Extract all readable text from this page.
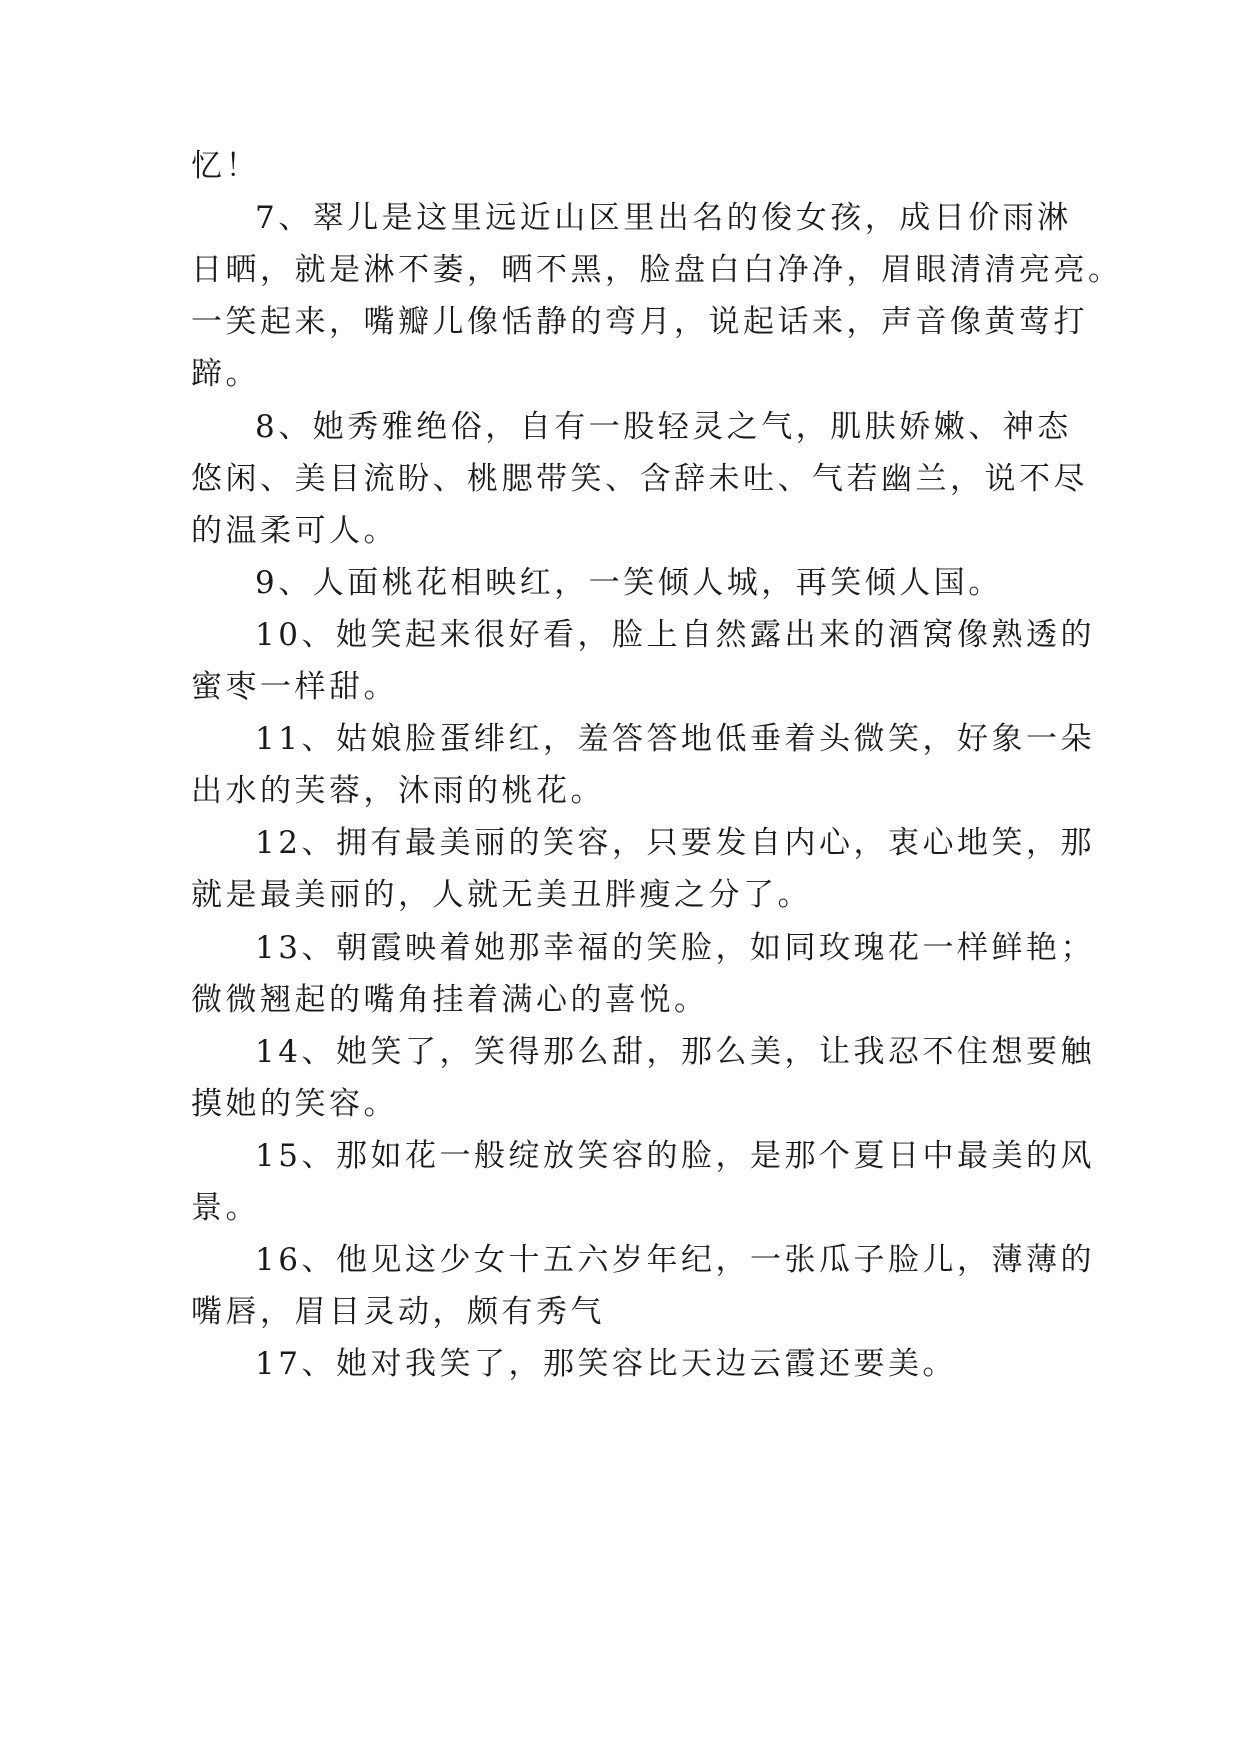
忆！
7、翠儿是这里远近山区里出名的俊女孩，成日价雨淋
日晒，就是淋不萎，晒不黑，脸盘白白净净，眉眼清清亮亮。
一笑起来，嘴瓣儿像恬静的弯月，说起话来，声音像黄莺打
蹄。
8、她秀雅绝俗，自有一股轻灵之气，肌肤娇嫩、神态
悠闲、美目流盼、桃腮带笑、含辞未吐、气若幽兰，说不尽
的温柔可人。
9、人面桃花相映红，一笑倾人城，再笑倾人国。
10、她笑起来很好看，脸上自然露出来的酒窝像熟透的
蜜枣一样甜。
11、姑娘脸蛋绯红，羞答答地低垂着头微笑，好象一朵
出水的芙蓉，沐雨的桃花。
12、拥有最美丽的笑容，只要发自内心，衷心地笑，那
就是最美丽的，人就无美丑胖瘦之分了。
13、朝霞映着她那幸福的笑脸，如同玫瑰花一样鲜艳；
微微翘起的嘴角挂着满心的喜悦。
14、她笑了，笑得那么甜，那么美，让我忍不住想要触
摸她的笑容。
15、那如花一般绽放笑容的脸，是那个夏日中最美的风
景。
16、他见这少女十五六岁年纪，一张瓜子脸儿，薄薄的
嘴唇，眉目灵动，颇有秀气
17、她对我笑了，那笑容比天边云霞还要美。
